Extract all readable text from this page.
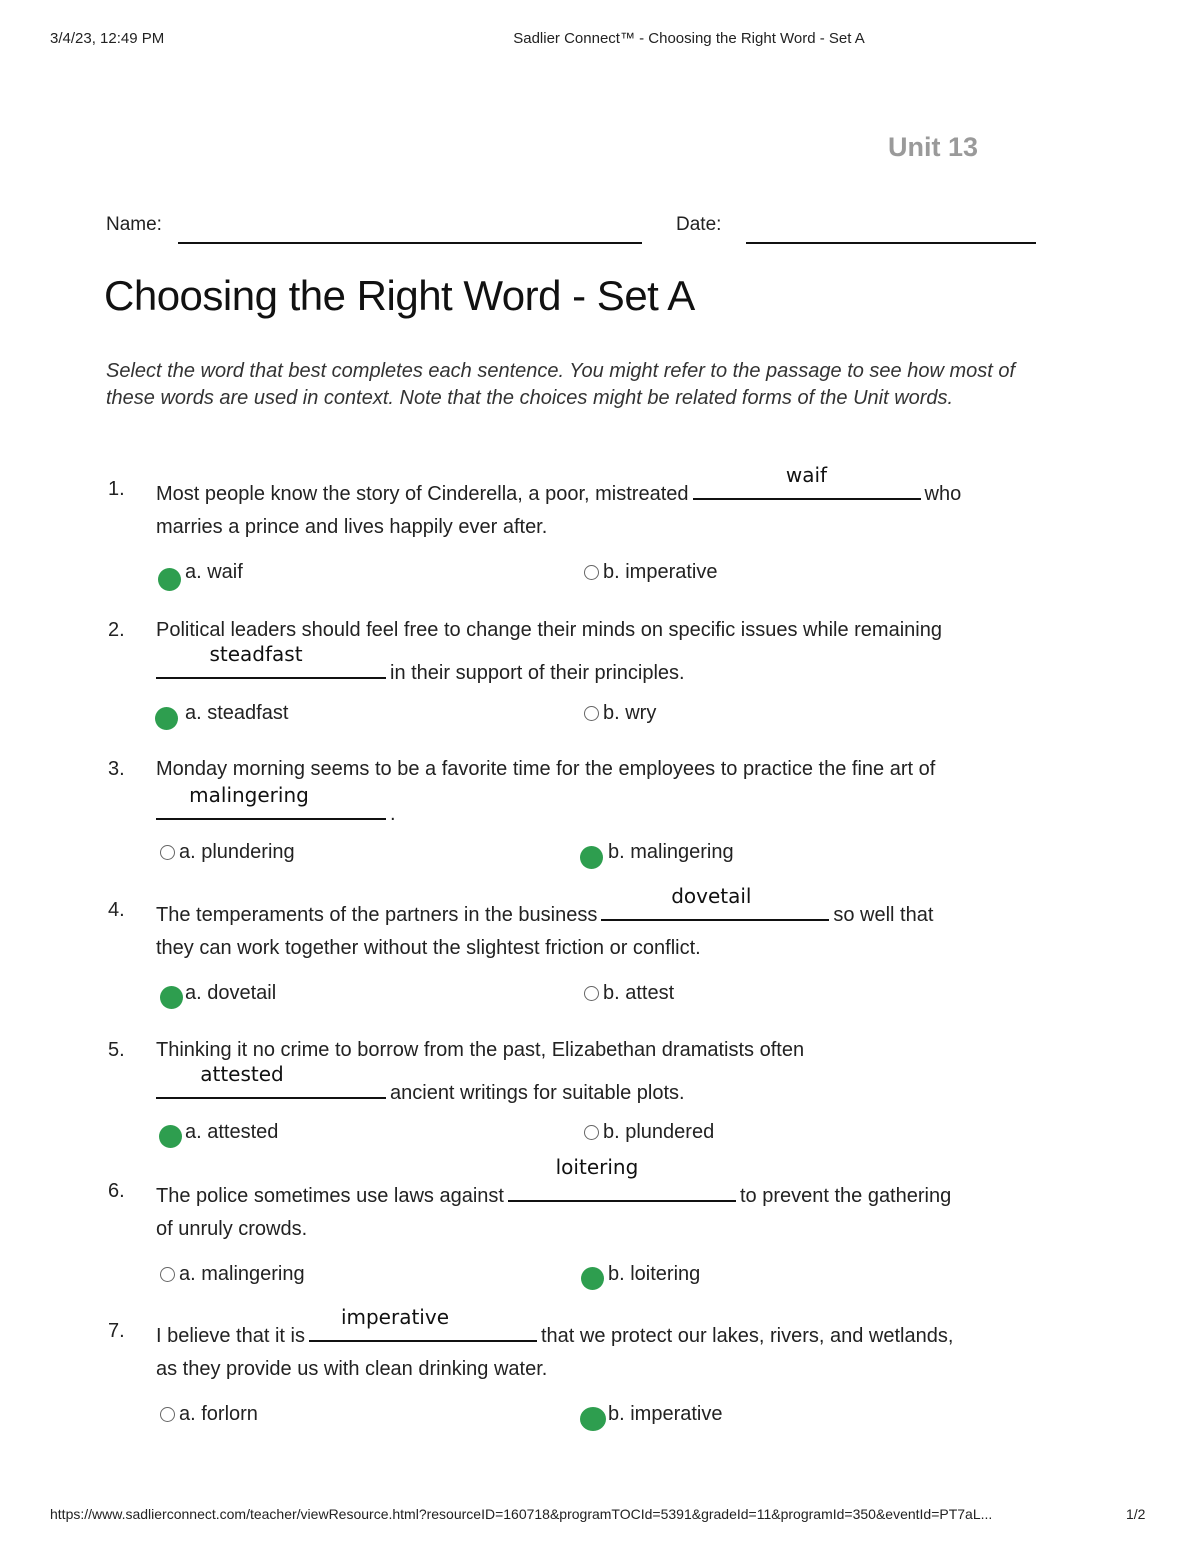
3/4/23, 12:49 PM	Sadlier Connect™ - Choosing the Right Word - Set A
Unit 13
Name:	Date:
Choosing the Right Word - Set A
Select the word that best completes each sentence. You might refer to the passage to see how most of these words are used in context. Note that the choices might be related forms of the Unit words.
1. Most people know the story of Cinderella, a poor, mistreated
waif
who
marries a prince and lives happily ever after.
a. waif	b. imperative
2. Political leaders should feel free to change their minds on specific issues while remaining
steadfast
in their support of their principles.
a. steadfast	b. wry
3. Monday morning seems to be a favorite time for the employees to practice the fine art of
malingering
.
a. plundering	b. malingering
4. The temperaments of the partners in the business
dovetail
so well that
they can work together without the slightest friction or conflict.
a. dovetail	b. attest
5. Thinking it no crime to borrow from the past, Elizabethan dramatists often
attested
ancient writings for suitable plots.
a. attested	b. plundered
6. The police sometimes use laws against
loitering
to prevent the gathering
of unruly crowds.
a. malingering	b. loitering
7. I believe that it is
imperative
that we protect our lakes, rivers, and wetlands,
as they provide us with clean drinking water.
a. forlorn	b. imperative
https://www.sadlierconnect.com/teacher/viewResource.html?resourceID=160718&programTOCId=5391&gradeId=11&programId=350&eventId=PT7aL...	1/2
